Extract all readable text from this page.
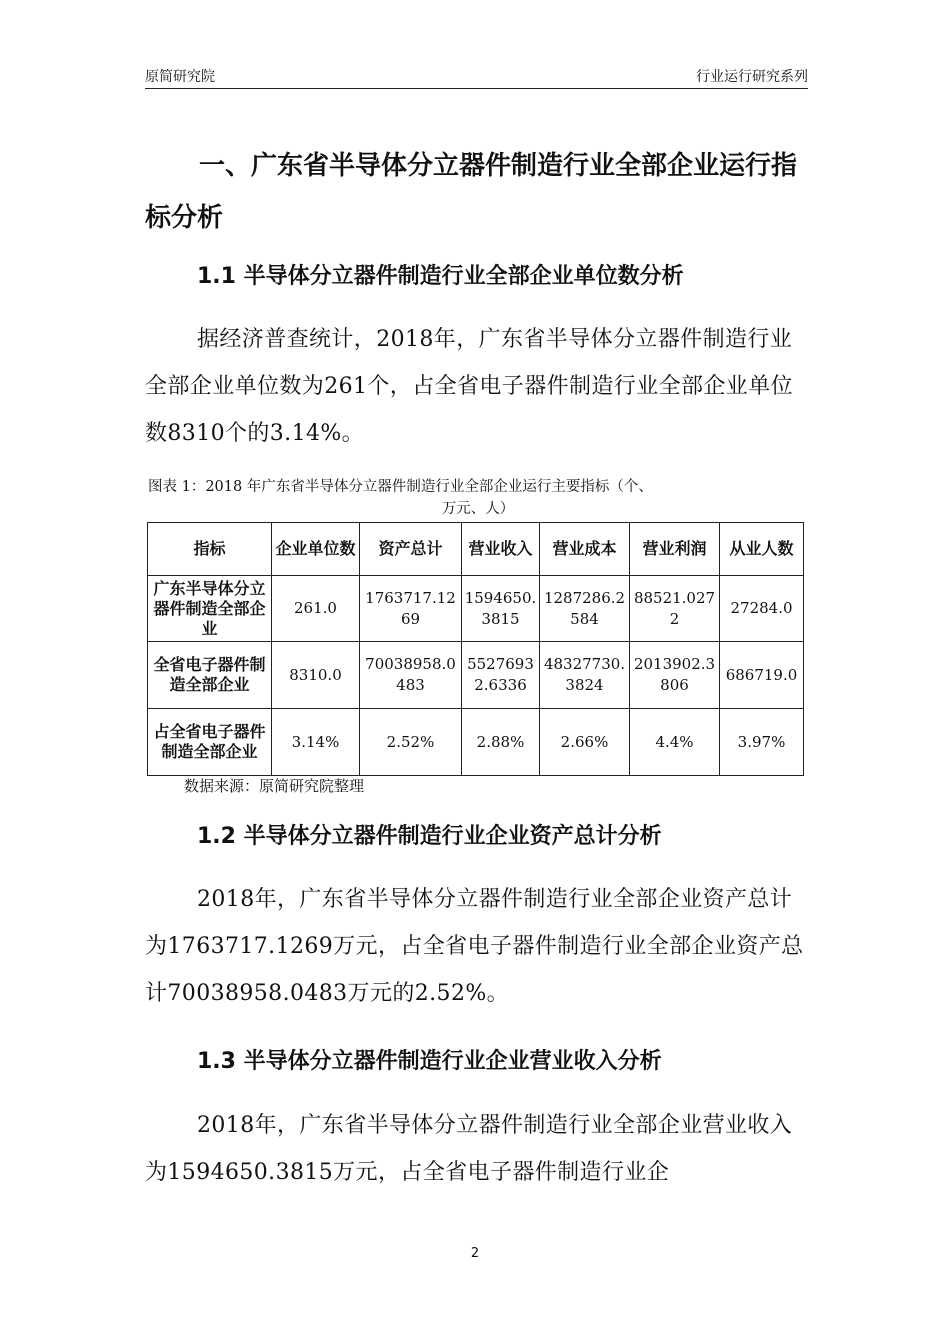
原简研究院	行业运行研究系列
一、广东省半导体分立器件制造行业全部企业运行指标分析
1.1 半导体分立器件制造行业全部企业单位数分析
据经济普查统计，2018年，广东省半导体分立器件制造行业全部企业单位数为261个，占全省电子器件制造行业全部企业单位数8310个的3.14%。
图表 1：2018 年广东省半导体分立器件制造行业全部企业运行主要指标（个、
万元、人）
指标	企业单位数	资产总计	营业收入	营业成本	营业利润	从业人数
广东半导体分立器件制造全部企业	261.0	1763717.1269	1594650.3815	1287286.2584	88521.0272	27284.0
全省电子器件制造全部企业	8310.0	70038958.0483	55276932.6336	48327730.3824	2013902.3806	686719.0
占全省电子器件制造全部企业	3.14%	2.52%	2.88%	2.66%	4.4%	3.97%
数据来源：原简研究院整理
1.2 半导体分立器件制造行业企业资产总计分析
2018年，广东省半导体分立器件制造行业全部企业资产总计为1763717.1269万元，占全省电子器件制造行业全部企业资产总计70038958.0483万元的2.52%。
1.3 半导体分立器件制造行业企业营业收入分析
2018年，广东省半导体分立器件制造行业全部企业营业收入为1594650.3815万元，占全省电子器件制造行业企
2
